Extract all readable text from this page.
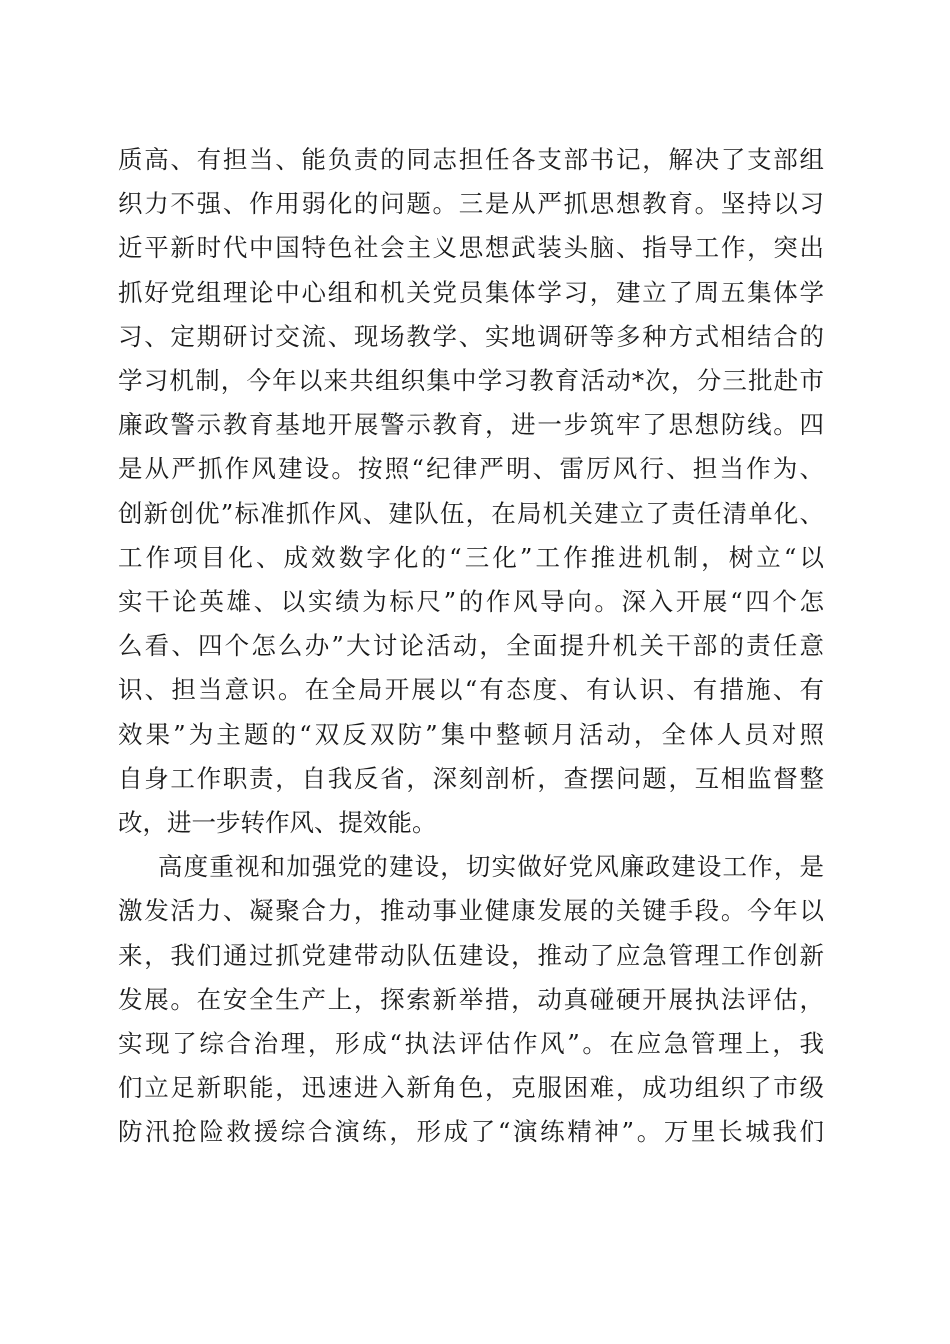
质高、有担当、能负责的同志担任各支部书记，解决了支部组
织力不强、作用弱化的问题。三是从严抓思想教育。坚持以习
近平新时代中国特色社会主义思想武装头脑、指导工作，突出
抓好党组理论中心组和机关党员集体学习，建立了周五集体学
习、定期研讨交流、现场教学、实地调研等多种方式相结合的
学习机制，今年以来共组织集中学习教育活动*次，分三批赴市
廉政警示教育基地开展警示教育，进一步筑牢了思想防线。四
是从严抓作风建设。按照“纪律严明、雷厉风行、担当作为、
创新创优”标准抓作风、建队伍，在局机关建立了责任清单化、
工作项目化、成效数字化的“三化”工作推进机制，树立“以
实干论英雄、以实绩为标尺”的作风导向。深入开展“四个怎
么看、四个怎么办”大讨论活动，全面提升机关干部的责任意
识、担当意识。在全局开展以“有态度、有认识、有措施、有
效果”为主题的“双反双防”集中整顿月活动，全体人员对照
自身工作职责，自我反省，深刻剖析，查摆问题，互相监督整
改，进一步转作风、提效能。
高度重视和加强党的建设，切实做好党风廉政建设工作，是
激发活力、凝聚合力，推动事业健康发展的关键手段。今年以
来，我们通过抓党建带动队伍建设，推动了应急管理工作创新
发展。在安全生产上，探索新举措，动真碰硬开展执法评估，
实现了综合治理，形成“执法评估作风”。在应急管理上，我
们立足新职能，迅速进入新角色，克服困难，成功组织了市级
防汛抢险救援综合演练，形成了“演练精神”。万里长城我们
